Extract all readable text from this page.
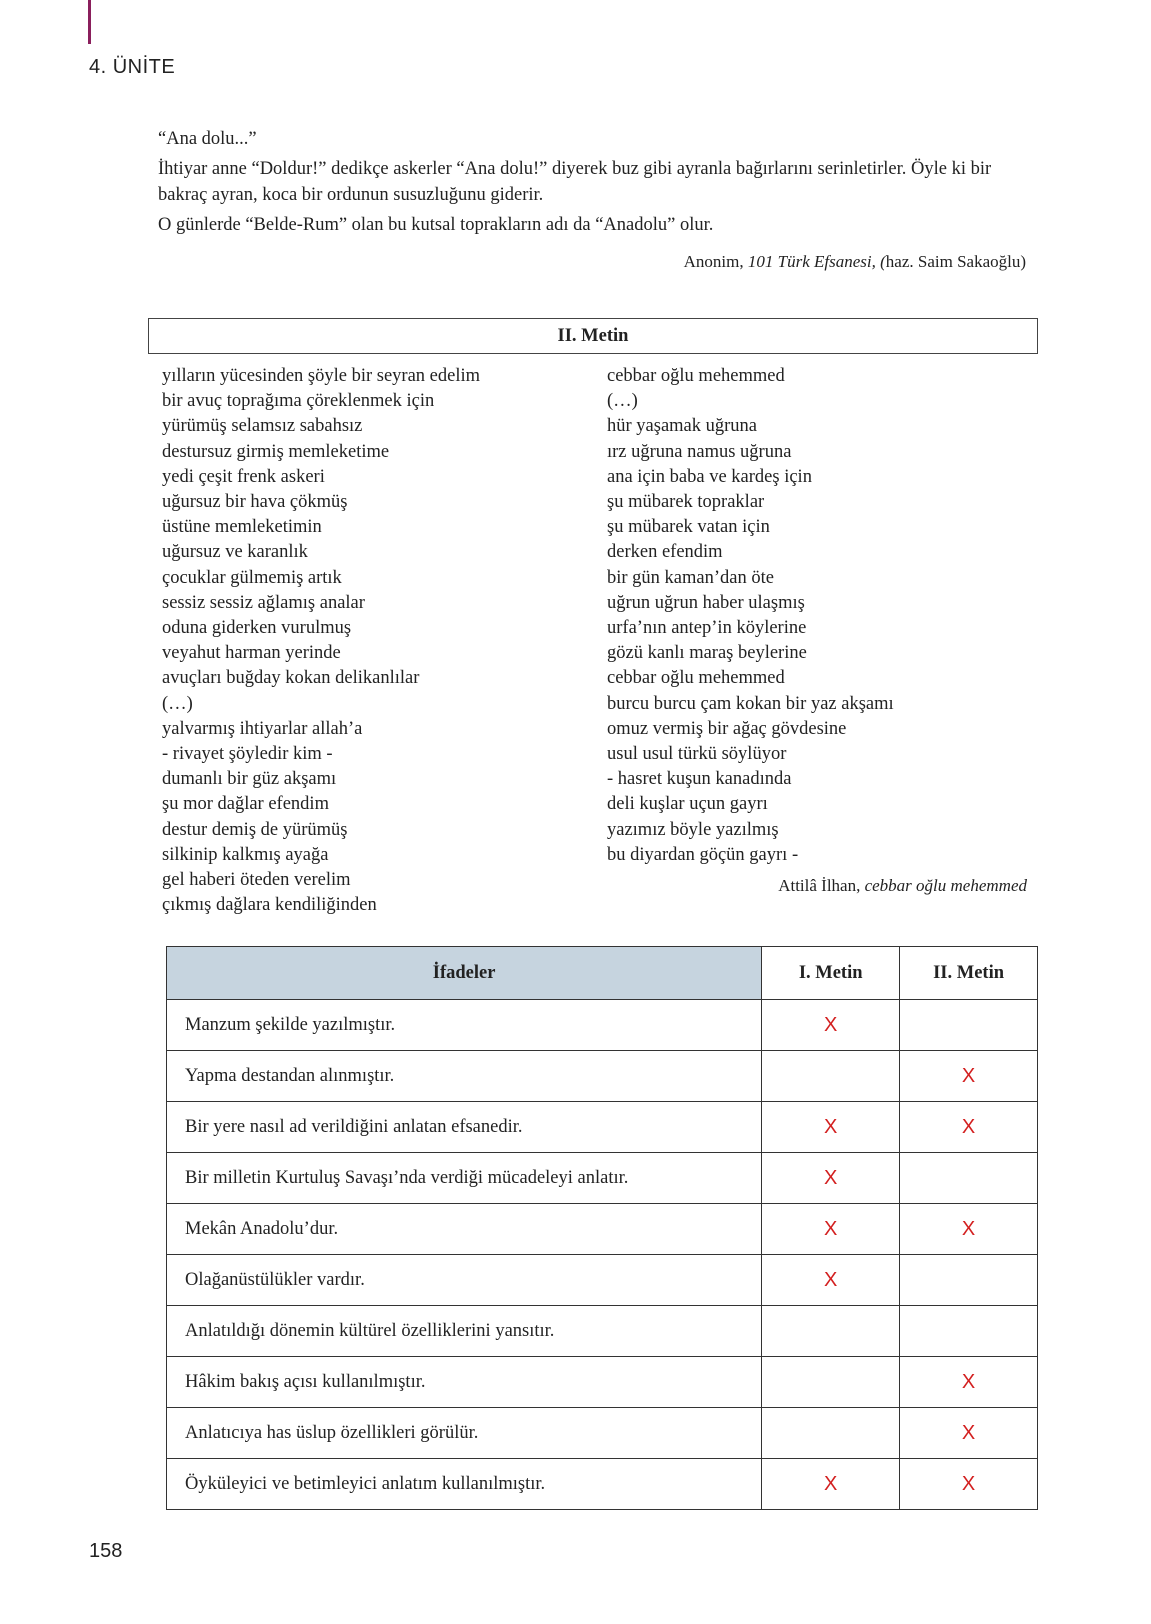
4. ÜNİTE

“Ana dolu...”

İhtiyar anne “Doldur!” dedikçe askerler “Ana dolu!” diyerek buz gibi ayranla bağırlarını serinletirler. Öyle ki bir bakraç ayran, koca bir ordunun susuzluğunu giderir.

O günlerde “Belde-Rum” olan bu kutsal toprakların adı da “Anadolu” olur.

Anonim, 101 Türk Efsanesi, (haz. Saim Sakaoğlu)
II. Metin
yılların yücesinden şöyle bir seyran edelim
bir avuç toprağıma çöreklenmek için
yürümüş selamsız sabahsız
destursuz girmiş memleketime
yedi çeşit frenk askeri
uğursuz bir hava çökmüş
üstüne memleketimin
uğursuz ve karanlık
çocuklar gülmemiş artık
sessiz sessiz ağlamış analar
oduna giderken vurulmuş
veyahut harman yerinde
avuçları buğday kokan delikanlılar
(…)
yalvarmış ihtiyarlar allah’a
- rivayet şöyledir kim -
dumanlı bir güz akşamı
şu mor dağlar efendim
destur demiş de yürümüş
silkinip kalkmış ayağa
gel haberi öteden verelim
çıkmış dağlara kendiliğinden
cebbar oğlu mehemmed
(…)
hür yaşamak uğruna
ırz uğruna namus uğruna
ana için baba ve kardeş için
şu mübarek topraklar
şu mübarek vatan için
derken efendim
bir gün kaman’dan öte
uğrun uğrun haber ulaşmış
urfa’nın antep’in köylerine
gözü kanlı maraş beylerine
cebbar oğlu mehemmed
burcu burcu çam kokan bir yaz akşamı
omuz vermiş bir ağaç gövdesine
usul usul türkü söylüyor
- hasret kuşun kanadında
deli kuşlar uçun gayrı
yazımız böyle yazılmış
bu diyardan göçün gayrı -
Attilâ İlhan, cebbar oğlu mehemmed
İfadeler	I. Metin	II. Metin
Manzum şekilde yazılmıştır.	X	
Yapma destandan alınmıştır.		X
Bir yere nasıl ad verildiğini anlatan efsanedir.	X	X
Bir milletin Kurtuluş Savaşı’nda verdiği mücadeleyi anlatır.	X	
Mekân Anadolu’dur.	X	X
Olağanüstülükler vardır.	X	
Anlatıldığı dönemin kültürel özelliklerini yansıtır.		
Hâkim bakış açısı kullanılmıştır.		X
Anlatıcıya has üslup özellikleri görülür.		X
Öyküleyici ve betimleyici anlatım kullanılmıştır.	X	X
158
